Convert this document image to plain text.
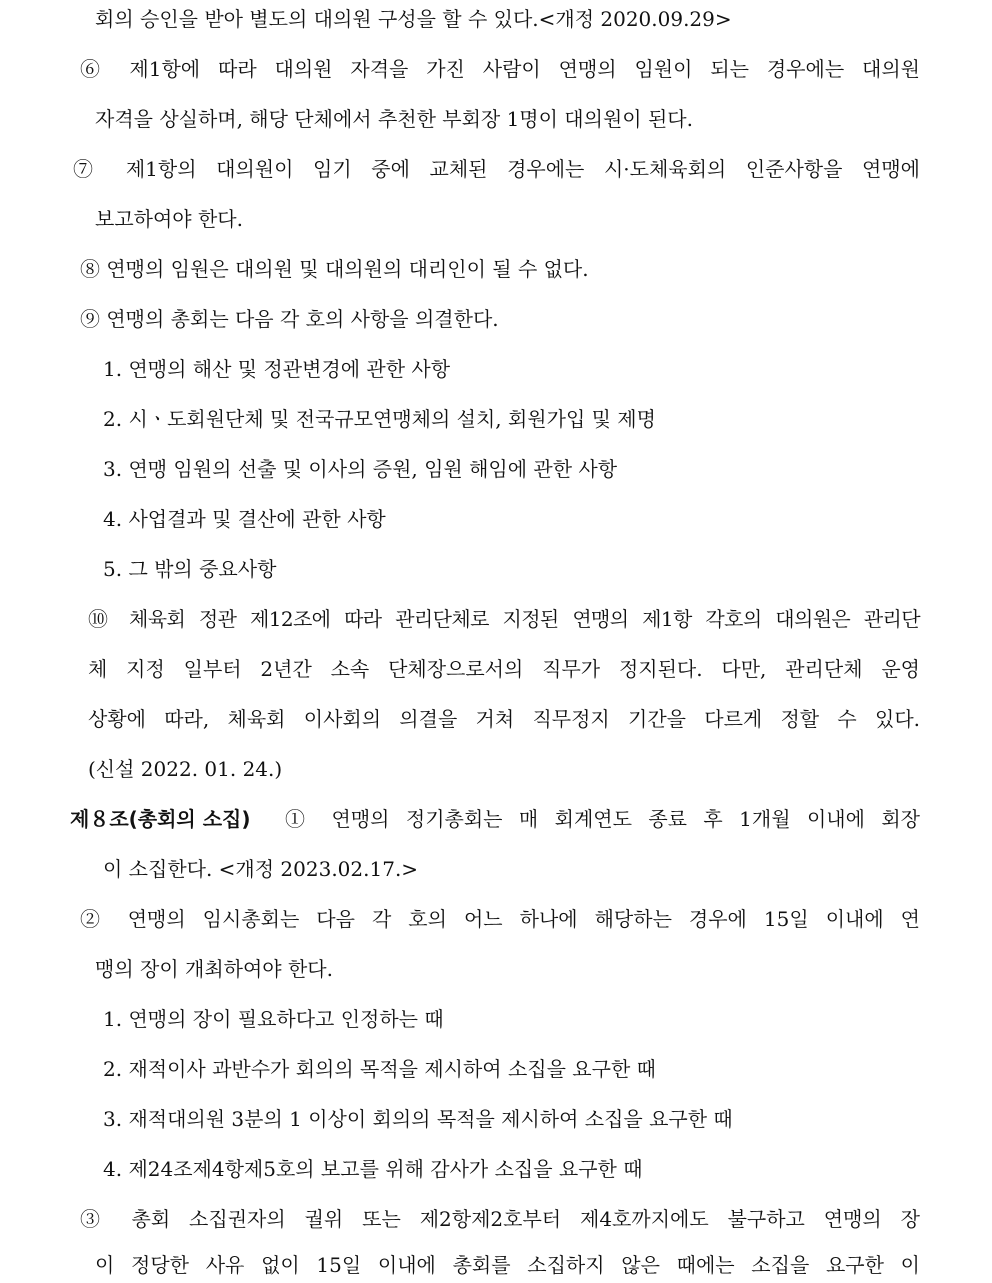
회의 승인을 받아 별도의 대의원 구성을 할 수 있다.<개정 2020.09.29>
⑥ 제1항에 따라 대의원 자격을 가진 사람이 연맹의 임원이 되는 경우에는 대의원
자격을 상실하며, 해당 단체에서 추천한 부회장 1명이 대의원이 된다.
⑦ 제1항의 대의원이 임기 중에 교체된 경우에는 시·도체육회의 인준사항을 연맹에
보고하여야 한다.
⑧ 연맹의 임원은 대의원 및 대의원의 대리인이 될 수 없다.
⑨ 연맹의 총회는 다음 각 호의 사항을 의결한다.
1. 연맹의 해산 및 정관변경에 관한 사항
2. 시ㆍ도회원단체 및 전국규모연맹체의 설치, 회원가입 및 제명
3. 연맹 임원의 선출 및 이사의 증원, 임원 해임에 관한 사항
4. 사업결과 및 결산에 관한 사항
5. 그 밖의 중요사항
⑩ 체육회 정관 제12조에 따라 관리단체로 지정된 연맹의 제1항 각호의 대의원은 관리단
체 지정 일부터 2년간 소속 단체장으로서의 직무가 정지된다. 다만, 관리단체 운영
상황에 따라, 체육회 이사회의 의결을 거쳐 직무정지 기간을 다르게 정할 수 있다.
(신설 2022. 01. 24.)
제８조(총회의 소집) ① 연맹의 정기총회는 매 회계연도 종료 후 1개월 이내에 회장
이 소집한다. <개정 2023.02.17.>
② 연맹의 임시총회는 다음 각 호의 어느 하나에 해당하는 경우에 15일 이내에 연
맹의 장이 개최하여야 한다.
1. 연맹의 장이 필요하다고 인정하는 때
2. 재적이사 과반수가 회의의 목적을 제시하여 소집을 요구한 때
3. 재적대의원 3분의 1 이상이 회의의 목적을 제시하여 소집을 요구한 때
4. 제24조제4항제5호의 보고를 위해 감사가 소집을 요구한 때
③ 총회 소집권자의 궐위 또는 제2항제2호부터 제4호까지에도 불구하고 연맹의 장
이 정당한 사유 없이 15일 이내에 총회를 소집하지 않은 때에는 소집을 요구한 이
